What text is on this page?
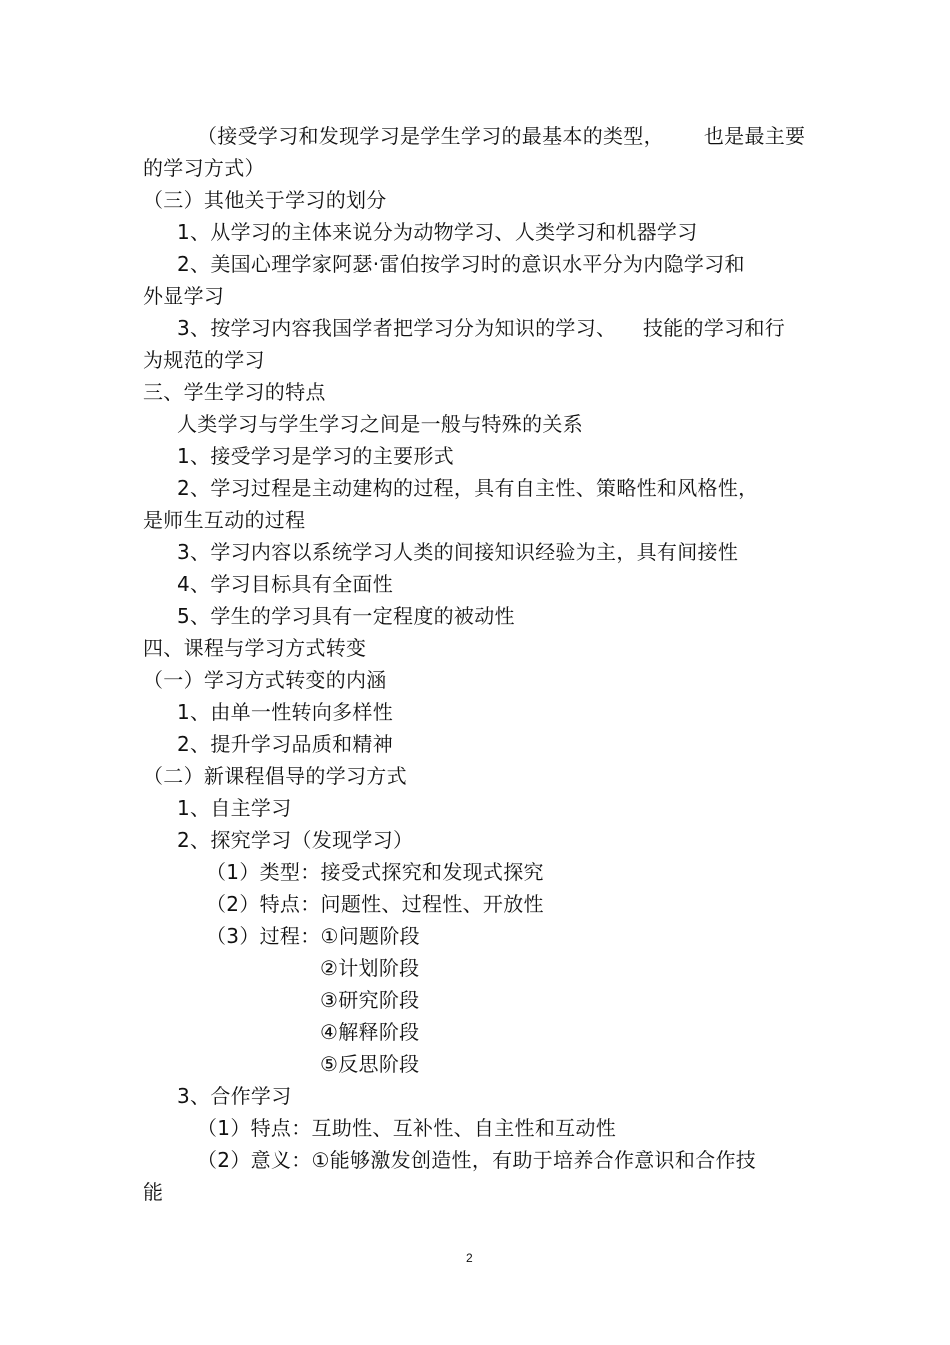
（接受学习和发现学习是学生学习的最基本的类型，      也是最主要
的学习方式）
（三）其他关于学习的划分
1、从学习的主体来说分为动物学习、人类学习和机器学习
2、美国心理学家阿瑟·雷伯按学习时的意识水平分为内隐学习和
外显学习
3、按学习内容我国学者把学习分为知识的学习、    技能的学习和行
为规范的学习
三、学生学习的特点
人类学习与学生学习之间是一般与特殊的关系
1、接受学习是学习的主要形式
2、学习过程是主动建构的过程，具有自主性、策略性和风格性，
是师生互动的过程
3、学习内容以系统学习人类的间接知识经验为主，具有间接性
4、学习目标具有全面性
5、学生的学习具有一定程度的被动性
四、课程与学习方式转变
（一）学习方式转变的内涵
1、由单一性转向多样性
2、提升学习品质和精神
（二）新课程倡导的学习方式
1、自主学习
2、探究学习（发现学习）
（1）类型：接受式探究和发现式探究
（2）特点：问题性、过程性、开放性
（3）过程：①问题阶段
②计划阶段
③研究阶段
④解释阶段
⑤反思阶段
3、合作学习
（1）特点：互助性、互补性、自主性和互动性
（2）意义：①能够激发创造性，有助于培养合作意识和合作技
能
2
